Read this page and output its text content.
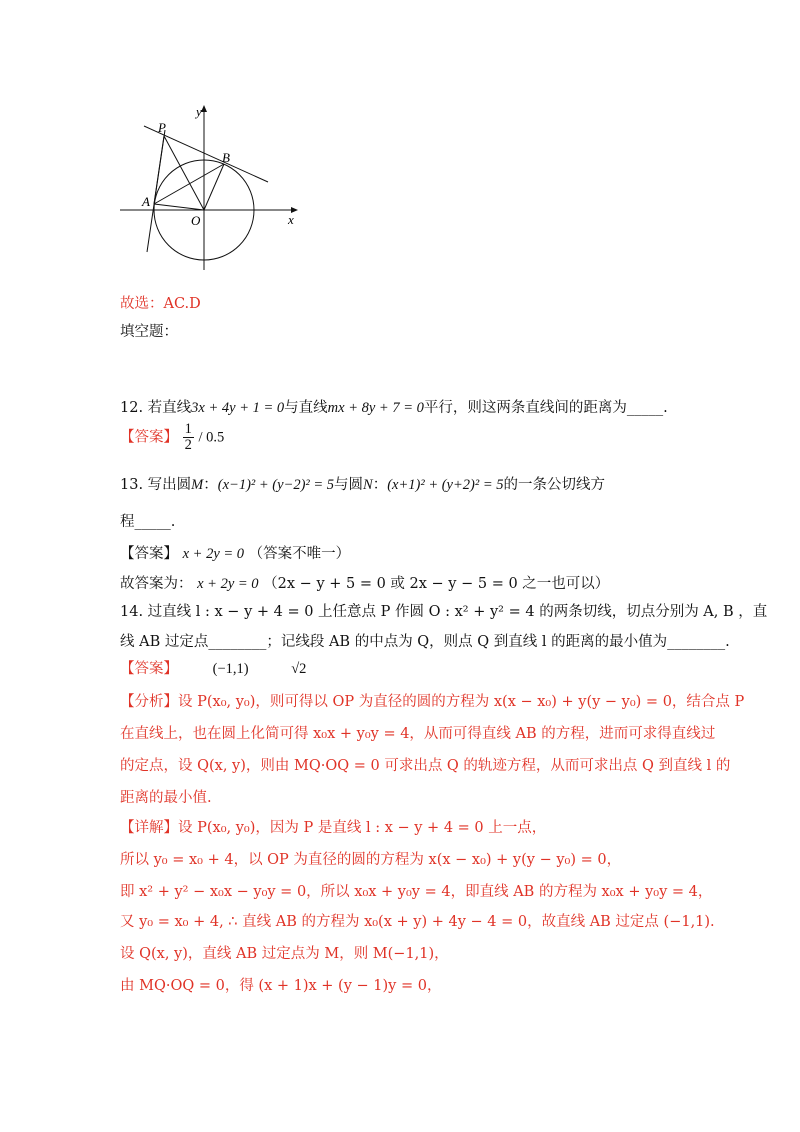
y
x
P
B
A
O
故选：AC.D
填空题：
12. 若直线3x + 4y + 1 = 0与直线mx + 8y + 7 = 0平行，则这两条直线间的距离为_____.
【答案】 $\frac{1}{2} / 0.5$
13. 写出圆M：(x−1)² + (y−2)² = 5与圆N：(x+1)² + (y+2)² = 5的一条公切线方
程_____.
【答案】 x + 2y = 0 （答案不唯一）
故答案为： x + 2y = 0 （2x − y + 5 = 0 或 2x − y − 5 = 0 之一也可以）
14. 过直线 l : x − y + 4 = 0 上任意点 P 作圆 O : x² + y² = 4 的两条切线，切点分别为 A, B ，直
线 AB 过定点________；记线段 AB 的中点为 Q，则点 Q 到直线 l 的距离的最小值为________.
【答案】 (−1,1)	√2
【分析】设 P(x₀, y₀)，则可得以 OP 为直径的圆的方程为 x(x − x₀) + y(y − y₀) = 0，结合点 P
在直线上，也在圆上化简可得 x₀x + y₀y = 4，从而可得直线 AB 的方程，进而可求得直线过
的定点，设 Q(x, y)，则由 MQ·OQ = 0 可求出点 Q 的轨迹方程，从而可求出点 Q 到直线 l 的
距离的最小值.
【详解】设 P(x₀, y₀)，因为 P 是直线 l : x − y + 4 = 0 上一点，
所以 y₀ = x₀ + 4，以 OP 为直径的圆的方程为 x(x − x₀) + y(y − y₀) = 0，
即 x² + y² − x₀x − y₀y = 0，所以 x₀x + y₀y = 4，即直线 AB 的方程为 x₀x + y₀y = 4，
又 y₀ = x₀ + 4, ∴ 直线 AB 的方程为 x₀(x + y) + 4y − 4 = 0，故直线 AB 过定点 (−1,1).
设 Q(x, y)，直线 AB 过定点为 M，则 M(−1,1)，
由 MQ·OQ = 0，得 (x + 1)x + (y − 1)y = 0，
